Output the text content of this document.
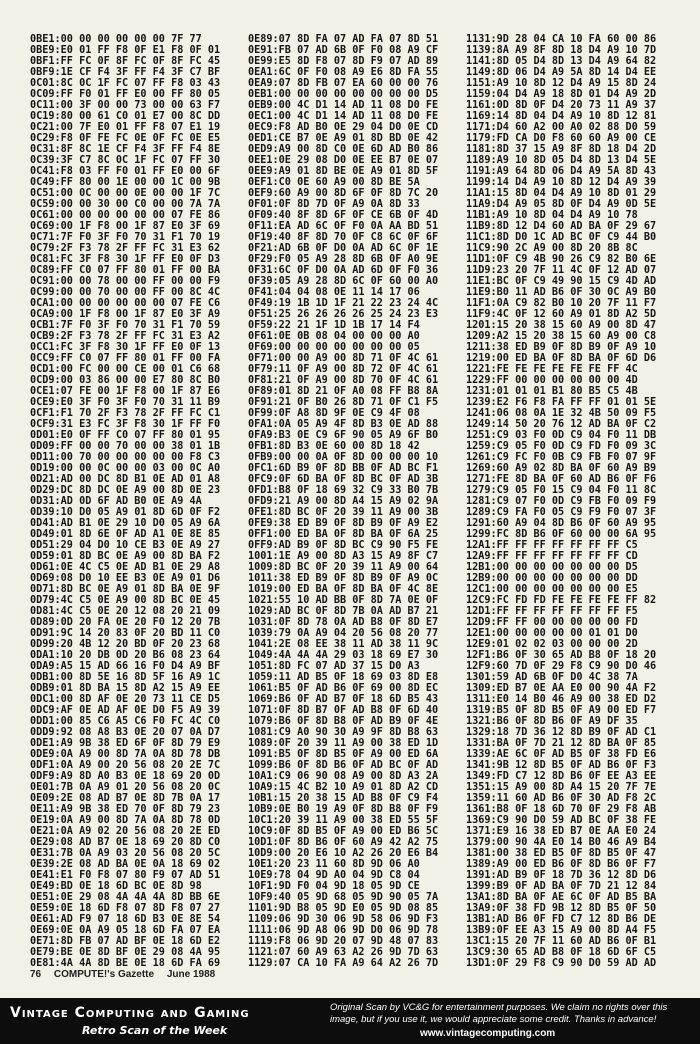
0BE1:00 00 00 00 00 00 7F 77
0BE9:E0 01 FF F8 0F E1 F8 0F 01
0BF1:FF FC 0F 8F FC 0F 8F FC 45
0BF9:1E CF F4 3F FF F4 3F C7 BF
0C01:8C 0C 1F FC 07 FF F8 03 43
0C09:FF F0 01 FF E0 00 FF 80 05
0C11:00 3F 00 00 73 00 00 63 F7
0C19:80 00 61 C0 01 E7 00 8C DD
0C21:00 7F E0 01 FF F8 07 E1 19
0C29:F8 0F FE FC 0E 0F FC 0E E5
0C31:8F 8C 1E CF F4 3F FF F4 8E
0C39:3F C7 8C 0C 1F FC 07 FF 30
0C41:F8 03 FF F0 01 FF E0 00 6F
0C49:FF 80 00 1E 00 00 1C 00 9B
0C51:00 0C 00 00 0E 00 00 1F 7C
0C59:00 00 30 00 C0 00 00 7A 7A
0C61:00 00 00 00 00 00 07 FE 86
0C69:00 1F F8 00 1F 87 E0 3F 69
0C71:7F F0 3F F0 70 31 F1 70 19
0C79:2F F3 78 2F FF FC 31 E3 62
0C81:FC 3F F8 30 1F FF E0 0F D3
0C89:FF C0 07 FF 80 01 FF 00 BA
0C91:00 00 78 00 00 FF 00 00 F9
0C99:00 00 70 00 00 FF 00 8C 4C
0CA1:00 00 00 00 00 00 07 FE C6
0CA9:00 1F F8 00 1F 87 E0 3F A9
0CB1:7F F0 3F F0 70 31 F1 70 59
0CB9:2F F3 78 2F FF FC 31 E3 A2
0CC1:FC 3F F8 30 1F FF E0 0F 13
0CC9:FF C0 07 FF 80 01 FF 00 FA
0CD1:00 FC 00 00 CE 00 01 C6 68
0CD9:00 03 86 00 00 E7 80 8C B0
0CE1:07 FE 00 1F F8 00 1F 87 E6
0CE9:E0 3F F0 3F F0 70 31 11 B9
0CF1:F1 70 2F F3 78 2F FF FC C1
0CF9:31 E3 FC 3F F8 30 1F FF F0
0D01:E0 0F FF C0 07 FF 80 01 95
0D09:FF 00 00 70 00 00 38 01 1B
0D11:00 70 00 00 00 00 00 F8 C3
0D19:00 00 0C 00 00 03 00 0C A0
0D21:AD 00 DC 8D B1 0E AD 01 A8
0D29:DC 8D DC 0E A9 00 8D 0E 23
0D31:AD 0D 6F AD B0 0E A9 4A
0D39:10 D0 05 A9 01 8D 6D 0F F2
0D41:AD B1 0E 29 10 D0 05 A9 6A
0D49:01 8D 6E 0F AD A1 0E 8E 85
0D51:29 04 D0 10 CE B3 0E A9 27
0D59:01 8D BC 0E A9 00 8D BA F2
0D61:0E 4C C5 0E AD B1 0E 29 A8
0D69:08 D0 10 EE B3 0E A9 01 D6
0D71:8D BC 0E A9 01 8D BA 0E 9F
0D79:4C C5 0E A9 00 8D BC 0E 45
0D81:4C C5 0E 20 12 08 20 21 09
0D89:0D 20 FA 0E 20 F0 12 20 7B
0D91:9C 14 20 83 0F 20 BD 11 C0
0D99:20 4B 12 20 BD 0F 20 23 68
0DA1:10 20 DB 0D 20 B6 08 23 64
0DA9:A5 15 AD 66 16 F0 D4 A9 BF
0DB1:00 8D 5E 16 8D 5F 16 A9 1C
0DB9:01 8D BA 15 8D A2 15 A9 EE
0DC1:00 8D AF 0E 20 73 11 CE D5
0DC9:AF 0E AD AF 0E D0 F5 A9 39
0DD1:00 85 C6 A5 C6 F0 FC 4C C0
0DD9:92 08 A8 B3 0E 20 07 0A D7
0DE1:A9 9B 38 ED 6F 0F 8D 79 E9
0DE9:0A A9 00 8D 7A 0A 8D 78 DB
0DF1:0A A9 00 20 56 08 20 2E 7C
0DF9:A9 8D A0 B3 0E 18 69 20 0D
0E01:7B 0A A9 01 20 56 08 20 0C
0E09:2E 08 AD B7 0E 8D 7B 0A 17
0E11:A9 9B 38 ED 70 0F 8D 79 23
0E19:0A A9 00 8D 7A 0A 8D 78 0D
0E21:0A A9 02 20 56 08 20 2E ED
0E29:08 AD B7 0E 18 69 20 8D C0
0E31:7B 0A A9 03 20 56 08 20 5C
0E39:2E 08 AD BA 0E 0A 18 69 02
0E41:E1 F0 F8 07 80 F9 07 AD 51
0E49:BD 0E 18 6D BC 0E 8D 98
0E51:0E 29 08 4A 4A 4A 8D BB 6E
0E59:0E 18 6D F8 07 8D F8 07 27
0E61:AD F9 07 18 6D B3 0E 8E 54
0E69:0E 0A A9 05 18 6D FA 07 EA
0E71:8D FB 07 AD BF 0E 18 6D E2
0E79:BE 0E 8D BF 0E 29 08 4A 95
0E81:4A 4A 8D BE 0E 18 6D FA 69
0E89:07 8D FA 07 AD FA 07 8D 51
0E91:FB 07 AD 6B 0F F0 08 A9 CF
0E99:E5 8D F8 07 8D F9 07 AD 89
0EA1:6C 0F F0 08 A9 E6 8D FA 55
0EA9:07 8D FB 07 EA 60 00 00 76
0EB1:00 00 00 00 00 00 00 00 D5
0EB9:00 4C D1 14 AD 11 08 D0 FE
0EC1:00 4C D1 14 AD 11 08 D0 FE
0EC9:F8 AD B0 0E 29 04 D0 0E CD
0ED1:CE B7 0E A9 01 8D BD 0E 42
0ED9:A9 00 8D C0 0E 6D AD B0 86
0EE1:0E 29 08 D0 0E EE B7 0E 07
0EE9:A9 01 8D BE 0E A9 01 8D 5F
0EF1:C0 0E 60 A9 00 8D BE 5A
0EF9:60 A9 00 8D 6F 0F 8D 7C 20
0F01:0F 8D 7D 0F A9 0A 8D 33
0F09:40 8F 8D 6F 0F CE 6B 0F 4D
0F11:EA AD 6C 0F F0 0A AA BD 51
0F19:40 8F 8D 70 0F C8 6C 0F 6F
0F21:AD 6B 0F D0 0A AD 6C 0F 1E
0F29:F0 05 A9 28 8D 6B 0F A0 9E
0F31:6C 0F D0 0A AD 6D 0F F0 36
0F39:05 A9 28 8D 6C 0F 60 00 A0
0F41:04 04 08 0E 11 14 17 06
0F49:19 1B 1D 1F 21 22 23 24 4C
0F51:25 26 26 26 26 25 24 23 E3
0F59:22 21 1F 1D 1B 17 14 F4
0F61:0E 0B 08 04 00 00 00 A0
0F69:00 00 00 00 00 00 00 05
0F71:00 00 A9 00 8D 71 0F 4C 61
0F79:11 0F A9 00 8D 72 0F 4C 61
0F81:21 0F A9 00 8D 70 0F 4C 61
0F89:01 8D 21 0F A0 08 FF B8 8A
0F91:21 0F B0 26 8D 71 0F C1 F5
0F99:0F A8 8D 9F 0E C9 4F 08
0FA1:0A 05 A9 4F 8D B3 0E AD 88
0FA9:B3 0E C9 6F 90 05 A9 6F B0
0FB1:8D B3 0E 60 00 8D 18 42
0FB9:00 00 0A 0F 8D 00 00 00 10
0FC1:6D B9 0F 8D BB 0F AD BC F1
0FC9:0F 6D BA 0F 8D BC 0F AD 3B
0FD1:B8 0F 18 69 32 C9 33 B0 7B
0FD9:21 A9 00 8D A4 15 A9 02 9A
0FE1:8D BC 0F 20 39 11 A9 00 3B
0FE9:38 ED B9 0F 8D B9 0F A9 E2
0FF1:00 ED BA 0F 8D BA 0F 6A 25
0FF9:AD B9 0F 8D BC C9 90 F5 FE
1001:1E A9 00 8D A3 15 A9 8F C7
1009:8D BC 0F 20 39 11 A9 00 64
1011:38 ED B9 0F 8D B9 0F A9 0C
1019:00 ED BA 0F 8D BA 0F 4C 8E
1021:55 10 AD BB 0F 8D 7A 0E 0F
1029:AD BC 0F 8D 7B 0A AD B7 21
1031:0F 8D 78 0A AD B8 0F 8D E7
1039:79 0A A9 04 20 56 08 20 77
1041:2E 08 EE 38 11 AD 38 11 9C
1049:4A 4A 4A 29 03 18 69 E7 30
1051:8D FC 07 AD 37 15 D0 A3
1059:11 AD B5 0F 18 69 03 8D E8
1061:B5 0F AD B6 0F 69 00 8D EC
1069:B6 0F AD B7 0F 18 6D B5 43
1071:0F 8D B7 0F AD B8 0F 6D 40
1079:B6 0F 8D B8 0F AD B9 0F 4E
1081:C9 A0 90 30 A9 9F 8D B8 63
1089:0F 20 39 11 A9 00 38 ED 1D
1091:B5 0F 8D B5 0F A9 00 ED 6A
1099:B6 0F 8D B6 0F AD BC 0F AD
10A1:C9 06 90 08 A9 00 8D A3 2A
10A9:15 4C B2 10 A9 01 8D A2 CD
10B1:15 20 38 15 AD B8 0F C9 F4
10B9:0E B0 19 A9 0F 8D B8 0F F9
10C1:20 39 11 A9 00 38 ED 55 5F
10C9:0F 8D B5 0F A9 00 ED B6 5C
10D1:0F 8D B6 0F 60 A9 42 A2 75
10D9:00 20 E6 10 A2 26 20 E6 B4
10E1:20 23 11 60 8D 9D 06 A0
10E9:78 04 9D A0 04 9D C8 04
10F1:9D F0 04 9D 18 05 9D CE
10F9:40 05 9D 68 05 9D 90 05 7A
1101:9D B8 05 9D E0 05 9D 08 85
1109:06 9D 30 06 9D 58 06 9D F3
1111:06 9D A8 06 9D D0 06 9D 78
1119:F8 06 9D 20 07 9D 48 07 83
1121:07 60 A9 63 A2 26 9D 7D 63
1129:07 CA 10 FA A9 64 A2 26 7D
1131:9D 28 04 CA 10 FA 60 00 86
1139:8A A9 8F 8D 18 D4 A9 10 7D
1141:8D 05 D4 8D 13 D4 A9 64 82
1149:8D 06 D4 A9 5A 8D 14 D4 EE
1151:A9 10 8D 12 D4 A9 15 8D 24
1159:04 D4 A9 18 8D 01 D4 A9 2D
1161:0D 8D 0F D4 20 73 11 A9 37
1169:14 8D 04 D4 A9 10 8D 12 81
1171:D4 60 A2 00 A0 02 88 D0 59
1179:FD CA D0 F8 60 60 A9 00 CE
1181:8D 37 15 A9 8F 8D 18 D4 2D
1189:A9 10 8D 05 D4 8D 13 D4 5E
1191:A9 64 8D 06 D4 A9 5A 8D 43
1199:14 D4 A9 10 8D 12 D4 A9 39
11A1:15 8D 04 D4 A9 10 8D 01 29
11A9:D4 A9 05 8D 0F D4 A9 0D 5E
11B1:A9 10 8D 04 D4 A9 10 78
11B9:8D 12 D4 60 AD BA 0F 29 67
11C1:8D D0 1C AD BC 0F C9 44 B0
11C9:90 2C A9 00 8D 20 8B 8C
11D1:0F C9 4B 90 26 C9 82 B0 6E
11D9:23 20 7F 11 4C 0F 12 AD 07
11E1:BC 0F C9 49 90 15 C9 4D AD
11E9:B0 11 AD B6 0F 30 0C A9 B0
11F1:0A C9 82 B0 10 20 7F 11 F7
11F9:4C 0F 12 60 A9 01 8D A2 5D
1201:15 20 38 15 60 A9 00 8D 47
1209:A2 15 20 38 15 60 A9 00 C8
1211:38 ED B9 0F 8D B9 0F A9 10
1219:00 ED BA 0F 8D BA 0F 6D D6
1221:FE FE FE FE FE FE FF 4C
1229:FF 00 00 00 00 00 00 4D
1231:01 01 01 B1 80 B5 C5 4B
1239:E2 F6 F8 FA FF FF 01 01 5E
1241:06 08 0A 1E 32 4B 50 09 F5
1249:14 50 20 76 12 AD BA 0F C2
1251:C9 03 F0 0D C9 04 F0 11 DB
1259:C9 05 F0 0D C9 FD F0 09 3C
1261:C9 FC F0 0B C9 FB F0 07 9F
1269:60 A9 02 8D BA 0F 60 A9 B9
1271:FE 8D BA 0F 60 AD B6 0F F6
1279:C9 05 F0 15 C9 04 F0 11 8C
1281:C9 07 F0 0D C9 FB F0 09 F9
1289:C9 FA F0 05 C9 F9 F0 07 3F
1291:60 A9 04 8D B6 0F 60 A9 95
1299:FC 8D B6 0F 60 00 00 6A 95
12A1:FF FF FF FF FF FF FF C5
12A9:FF FF FF FF FF FF FF CD
12B1:00 00 00 00 00 00 00 D5
12B9:00 00 00 00 00 00 00 DD
12C1:00 00 00 00 00 00 00 E5
12C9:FC FD FD FE FE FE FE FF 82
12D1:FF FF FF FF FF FF FF F5
12D9:FF FF 00 00 00 00 00 FD
12E1:00 00 00 00 00 01 01 D0
12E9:01 02 02 03 00 00 00 2D
12F1:B6 0F 30 65 AD B8 0F 18 20
12F9:60 7D 0F 29 F8 C9 90 D0 46
1301:59 AD 6B 0F D0 4C 38 7A
1309:ED B7 0E AA E0 00 90 4A F2
1311:E0 14 B0 46 A9 00 38 ED D2
1319:B5 0F 8D B5 0F A9 00 ED F7
1321:B6 0F 8D B6 0F A9 DF 35
1329:18 7D 36 12 8D B9 0F AD C1
1331:BA 0F 7D 21 12 8D BA 0F 85
1339:AE 6C 0F AD B5 0F 38 FD E6
1341:9B 12 8D B5 0F AD B6 0F F3
1349:FD C7 12 8D B6 0F EE A3 EE
1351:15 A9 00 8D A4 15 20 7F 7E
1359:11 60 AD B6 0F 30 AD F8 2C
1361:B8 0F 18 6D 70 0F 29 F8 AB
1369:C9 90 D0 59 AD BC 0F 38 FE
1371:E9 16 38 ED B7 0E AA E0 24
1379:00 90 4A E0 14 B0 46 A9 B4
1381:00 38 ED B5 0F 8D B5 0F 47
1389:A9 00 ED B6 0F 8D B6 0F F7
1391:AD B9 0F 18 7D 36 12 8D D6
1399:B9 0F AD BA 0F 7D 21 12 84
13A1:8D BA 0F AE 6C 0F AD B5 BA
13A9:0F 38 FD 9B 12 8D B5 0F 50
13B1:AD B6 0F FD C7 12 8D B6 DE
13B9:0F EE A3 15 A9 00 8D A4 F5
13C1:15 20 7F 11 60 AD B6 0F B1
13C9:30 65 AD B8 0F 18 6D 6F C5
13D1:0F 29 F8 C9 90 D0 59 AD AD
76 COMPUTE!'s Gazette June 1988
Vintage Computing and Gaming
Retro Scan of the Week
Original Scan by VC&G for entertainment purposes. We claim no rights over this image, but if you use it, we would appreciate some credit. Thanks in advance!
www.vintagecomputing.com
